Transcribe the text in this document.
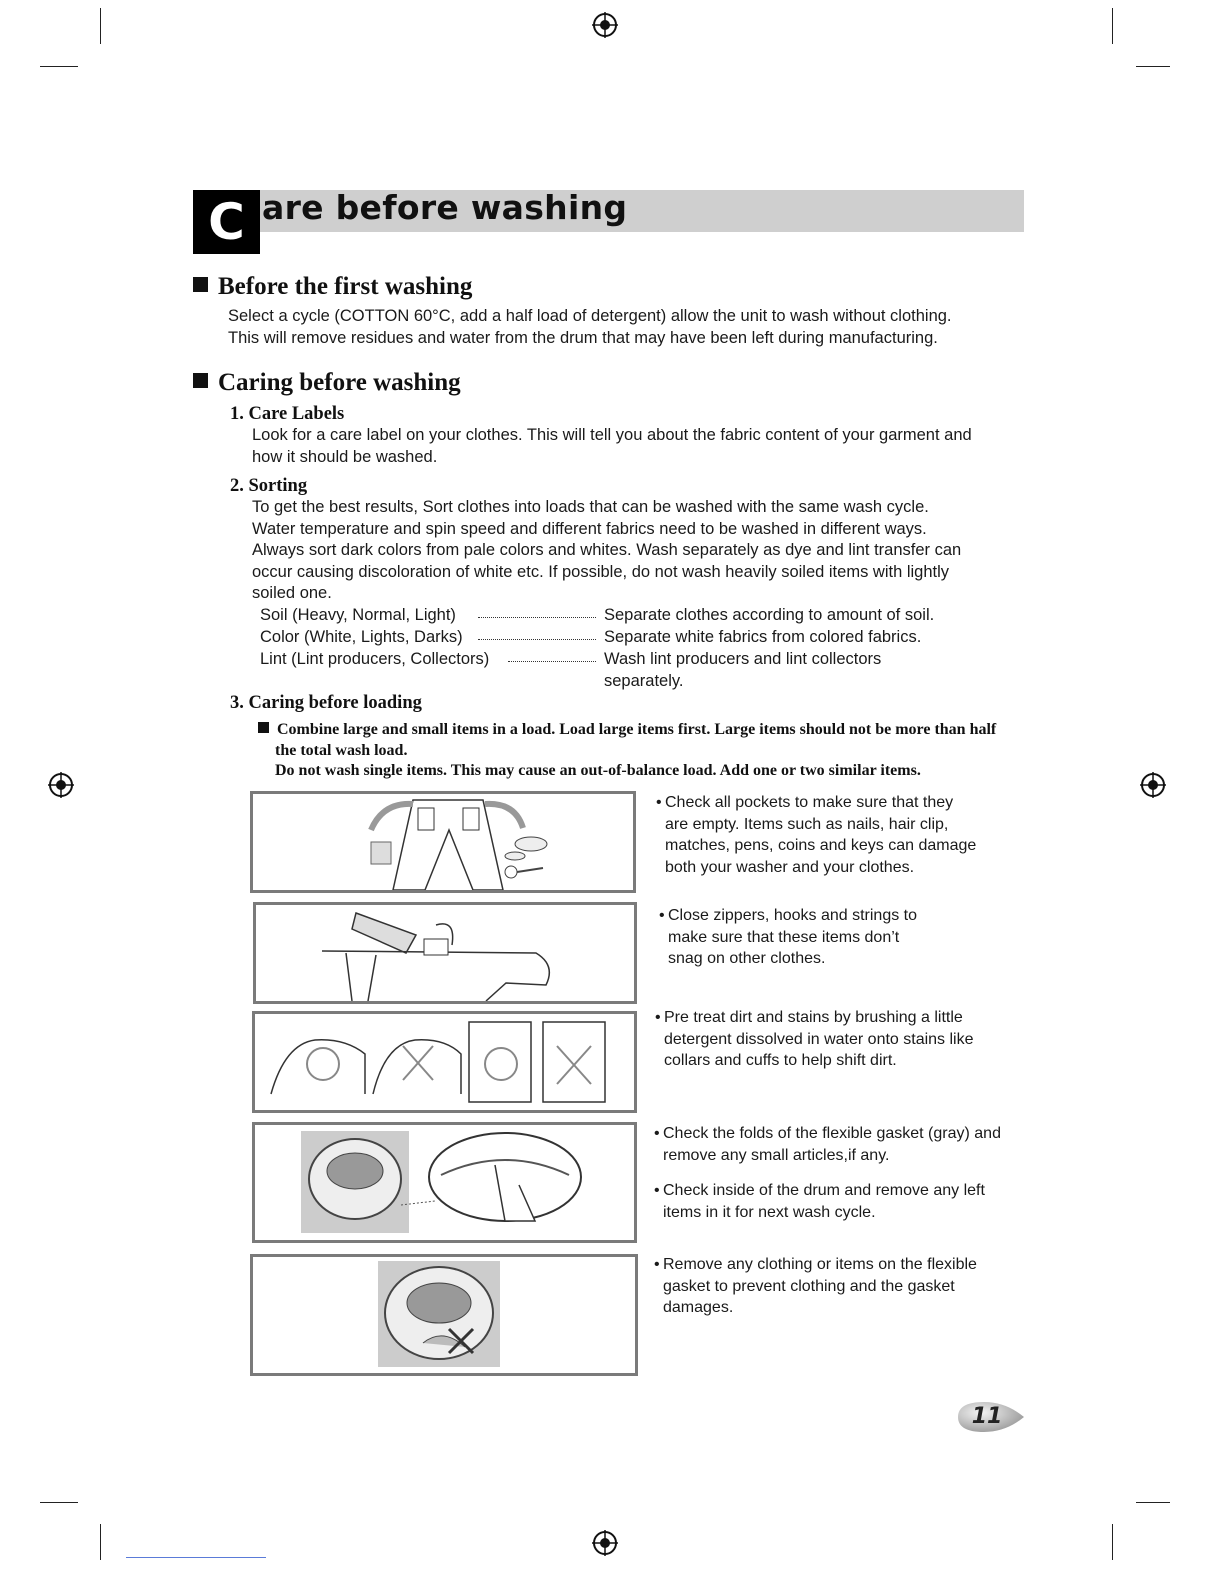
C are before washing
Before the first washing
Select a cycle (COTTON 60°C, add a half load of detergent) allow the unit to wash without clothing.
This will remove residues and water from the drum that may have been left during manufacturing.
Caring before washing
1. Care Labels
Look for a care label on your clothes. This will tell you about the fabric content of your garment and
how it should be washed.
2. Sorting
To get the best results, Sort clothes into loads that can be washed with the same wash cycle.
Water temperature and spin speed and different fabrics need to be washed in different ways.
Always sort dark colors from pale colors and whites. Wash separately as dye and lint transfer can
occur causing discoloration of white etc. If possible, do not wash heavily soiled items with lightly
soiled one.
Soil (Heavy, Normal, Light)	Separate clothes according to amount of soil.
Color (White, Lights, Darks)	Separate white fabrics from colored fabrics.
Lint (Lint producers, Collectors)	Wash lint producers and lint collectors
separately.
3. Caring before loading
Combine large and small items in a load. Load large items first. Large items should not be more than half
the total wash load.
Do not wash single items. This may cause an out-of-balance load. Add one or two similar items.
• Check all pockets to make sure that they
are empty. Items such as nails, hair clip,
matches, pens, coins and keys can damage
both your washer and your clothes.
• Close zippers, hooks and strings to
make sure that these items don’t
snag on other clothes.
• Pre treat dirt and stains by brushing a little
detergent dissolved in water onto stains like
collars and cuffs to help shift dirt.
• Check the folds of the flexible gasket (gray) and
remove any small articles,if any.
• Check inside of the drum and remove any left
items in it for next wash cycle.
• Remove any clothing or items on the flexible
gasket to prevent clothing and the gasket
damages.
11
